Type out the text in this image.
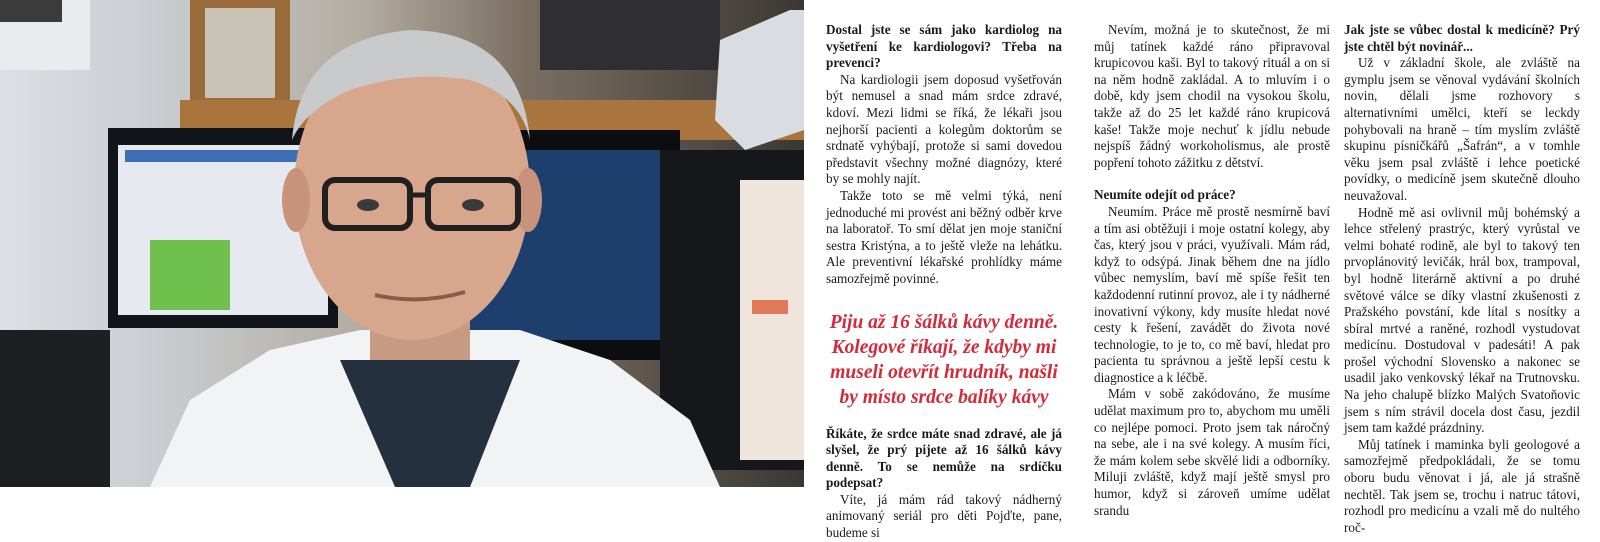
Dostal jste se sám jako kardiolog na vyšetření ke kardiologovi? Třeba na prevenci?

Na kardiologii jsem doposud vyšetřován být nemusel a snad mám srdce zdravé, kdoví. Mezi lidmi se říká, že lékaři jsou nejhorší pacienti a kolegům doktorům se srdnatě vyhýbají, protože si sami dovedou představit všechny možné diagnózy, které by se mohly najít.

Takže toto se mě velmi týká, není jednoduché mi provést ani běžný odběr krve na laboratoř. To smí dělat jen moje staniční sestra Kristýna, a to ještě vleže na lehátku. Ale preventivní lékařské prohlídky máme samozřejmě povinné.

Piju až 16 šálků kávy denně. Kolegové říkají, že kdyby mi museli otevřít hrudník, našli by místo srdce balíky kávy

Říkáte, že srdce máte snad zdravé, ale já slyšel, že prý pijete až 16 šálků kávy denně. To se nemůže na srdíčku podepsat?

Víte, já mám rád takový nádherný animovaný seriál pro děti Pojďte, pane, budeme si

Nevím, možná je to skutečnost, že mi můj tatínek každé ráno připravoval krupicovou kaši. Byl to takový rituál a on si na něm hodně zakládal. A to mluvím i o době, kdy jsem chodil na vysokou školu, takže až do 25 let každé ráno krupicová kaše! Takže moje nechuť k jídlu nebude nejspíš žádný workoholismus, ale prostě popření tohoto zážitku z dětství.

Neumíte odejít od práce?

Neumím. Práce mě prostě nesmírně baví a tím asi obtěžuji i moje ostatní kolegy, aby čas, který jsou v práci, využívali. Mám rád, když to odsýpá. Jinak během dne na jídlo vůbec nemyslím, baví mě spíše řešit ten každodenní rutinní provoz, ale i ty nádherné inovativní výkony, kdy musíte hledat nové cesty k řešení, zavádět do života nové technologie, to je to, co mě baví, hledat pro pacienta tu správnou a ještě lepší cestu k diagnostice a k léčbě.

Mám v sobě zakódováno, že musíme udělat maximum pro to, abychom mu uměli co nejlépe pomoci. Proto jsem tak náročný na sebe, ale i na své kolegy. A musím říci, že mám kolem sebe skvělé lidi a odborníky. Miluji zvláště, když mají ještě smysl pro humor, když si zároveň umíme udělat srandu

Jak jste se vůbec dostal k medicíně? Prý jste chtěl být novinář...

Už v základní škole, ale zvláště na gymplu jsem se věnoval vydávání školních novin, dělali jsme rozhovory s alternativními umělci, kteří se leckdy pohybovali na hraně – tím myslím zvláště skupinu písničkářů „Šafrán“, a v tomhle věku jsem psal zvláště i lehce poetické povídky, o medicíně jsem skutečně dlouho neuvažoval.

Hodně mě asi ovlivnil můj bohémský a lehce střelený prastrýc, který vyrůstal ve velmi bohaté rodině, ale byl to takový ten prvoplánovitý levičák, hrál box, trampoval, byl hodně literárně aktivní a po druhé světové válce se díky vlastní zkušenosti z Pražského povstání, kde lítal s nosítky a sbíral mrtvé a raněné, rozhodl vystudovat medicínu. Dostudoval v padesáti! A pak prošel východní Slovensko a nakonec se usadil jako venkovský lékař na Trutnovsku. Na jeho chalupě blízko Malých Svatoňovic jsem s ním strávil docela dost času, jezdil jsem tam každé prázdniny.

Můj tatínek i maminka byli geologové a samozřejmě předpokládali, že se tomu oboru budu věnovat i já, ale já strašně nechtěl. Tak jsem se, trochu i natruc tátovi, rozhodl pro medicínu a vzali mě do nultého roč-
